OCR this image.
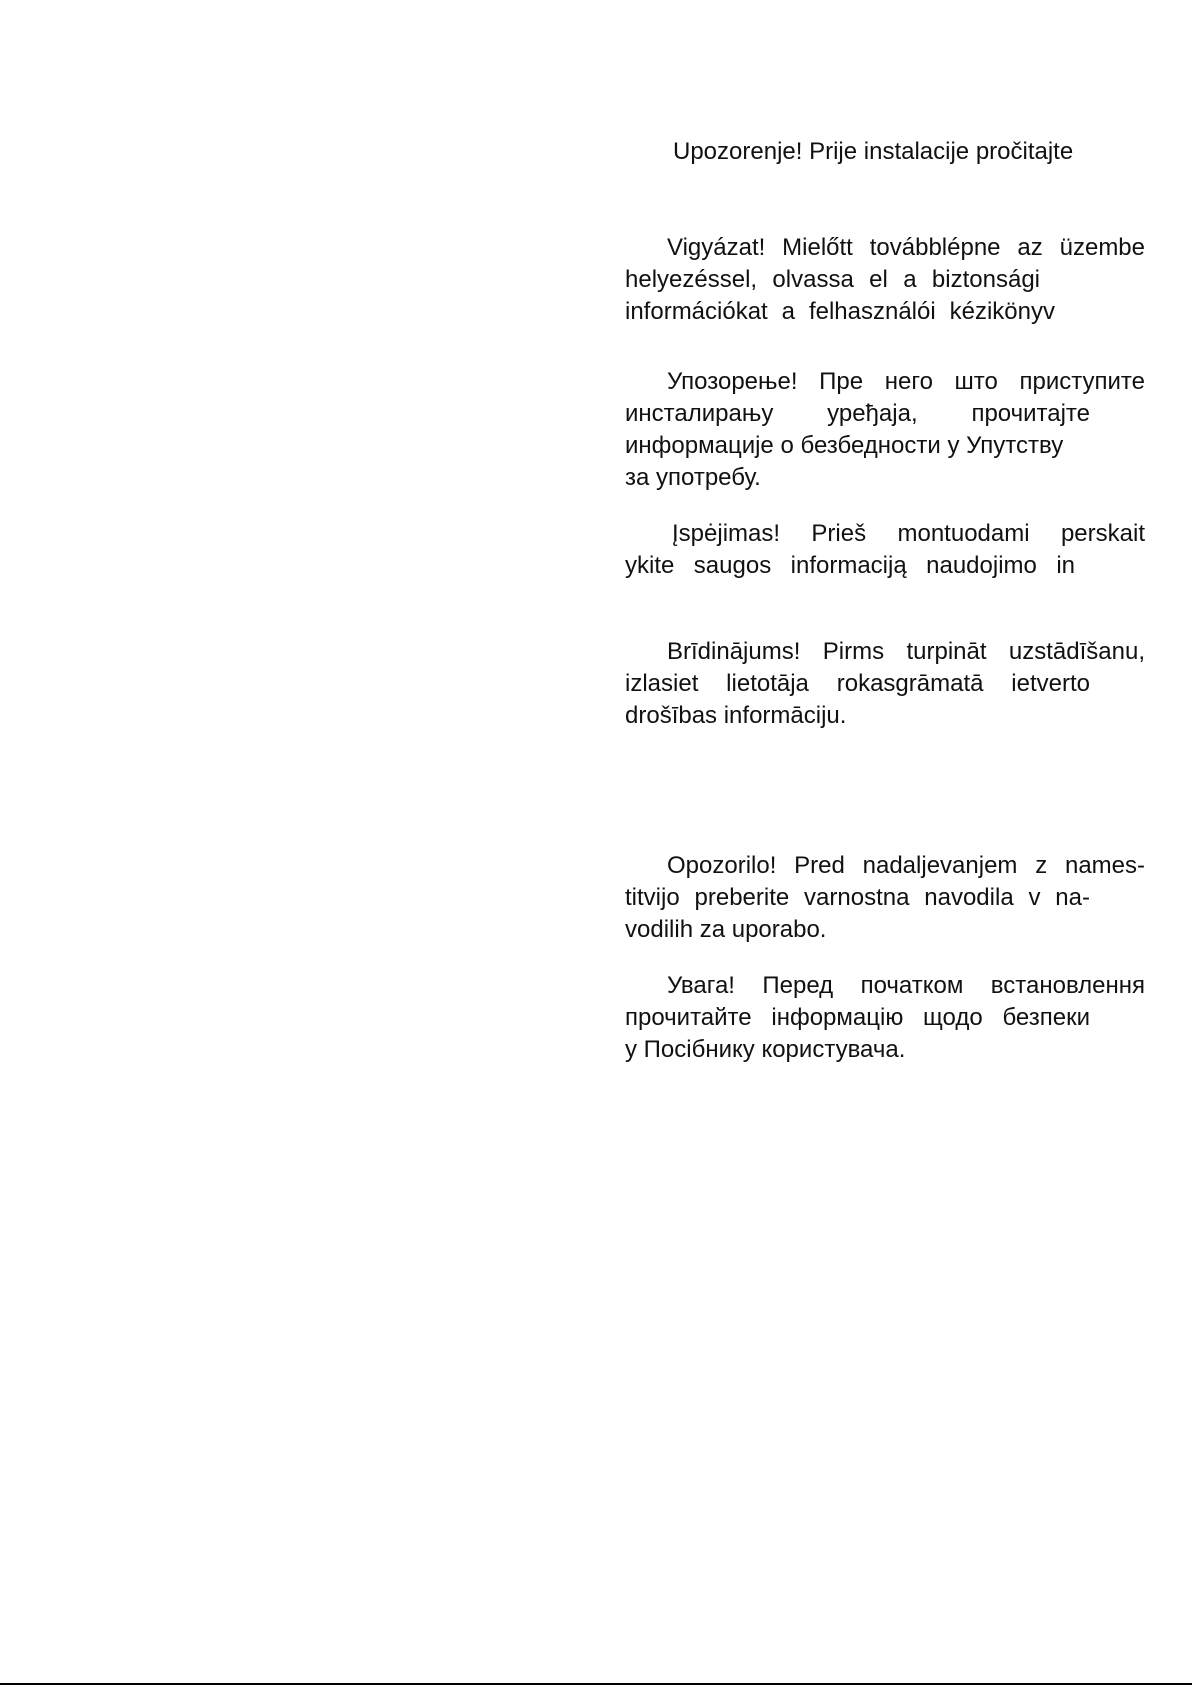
Upozorenje! Prije instalacije pročitajte
Vigyázat! Mielőtt továbblépne az üzembe
helyezéssel, olvassa el a biztonsági
információkat a felhasználói kézikönyv
Упозорење! Пре него што приступите
инсталирању уређаја, прочитајте
информације о безбедности у Упутству
за употребу.
Įspėjimas! Prieš montuodami perskait
ykite saugos informaciją naudojimo in
Brīdinājums! Pirms turpināt uzstādīšanu,
izlasiet lietotāja rokasgrāmatā ietverto
drošības informāciju.
Opozorilo! Pred nadaljevanjem z names-
titvijo preberite varnostna navodila v na-
vodilih za uporabo.
Увага! Перед початком встановлення
прочитайте інформацію щодо безпеки
у Посібнику користувача.
